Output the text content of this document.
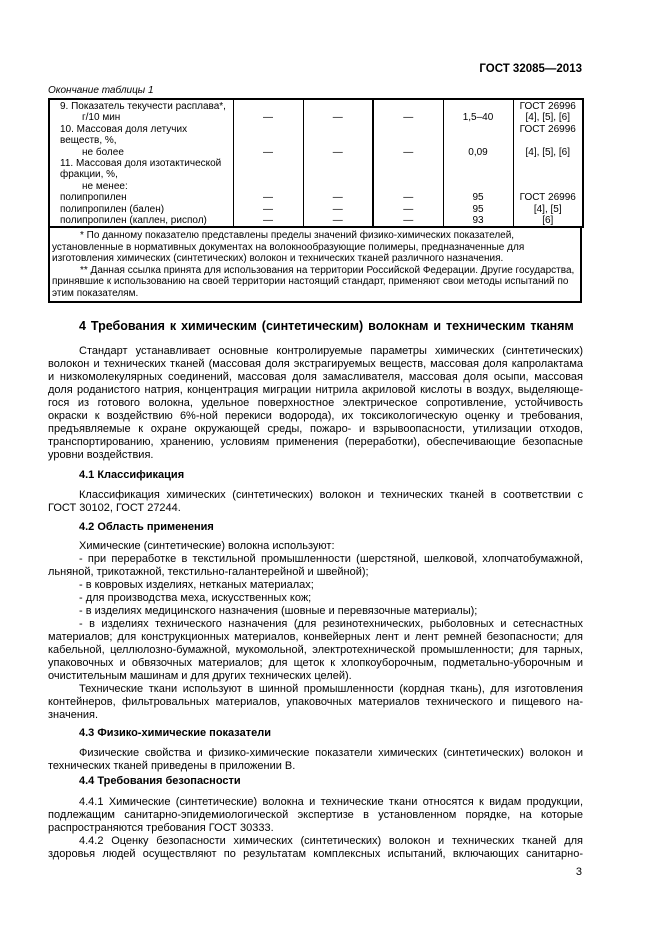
ГОСТ 32085—2013
Окончание таблицы 1
9. Показатель текучести расплава*,					ГОСТ 26996
г/10 мин	—	—	—	1,5–40	[4], [5], [6]
10. Массовая доля летучих					ГОСТ 26996
веществ, %,					
не более	—	—	—	0,09	[4], [5], [6]
11. Массовая доля изотактической					
фракции, %,					
не менее:					
полипропилен	—	—	—	95	ГОСТ 26996
полипропилен (бален)	—	—	—	95	[4], [5]
полипропилен (каплен, риспол)	—	—	—	93	[6]
* По данному показателю представлены пределы значений физико-химических показателей,
установленные в нормативных документах на волокнообразующие полимеры, предназначенные для
изготовления химических (синтетических) волокон и технических тканей различного назначения.
** Данная ссылка принята для использования на территории Российской Федерации. Другие государства,
принявшие к использованию на своей территории настоящий стандарт, применяют свои методы испытаний по
этим показателям.
4 Требования к химическим (синтетическим) волокнам и техническим тканям
Стандарт устанавливает основные контролируемые параметры химических (синтетических)
волокон и технических тканей (массовая доля экстрагируемых веществ, массовая доля капролактама
и низкомолекулярных соединений, массовая доля замасливателя, массовая доля осыпи, массовая
доля роданистого натрия, концентрация миграции нитрила акриловой кислоты в воздух, выделяюще-
гося из готового волокна, удельное поверхностное электрическое сопротивление, устойчивость
окраски к воздействию 6%-ной перекиси водорода), их токсикологическую оценку и требования,
предъявляемые к охране окружающей среды, пожаро- и взрывоопасности, утилизации отходов,
транспортированию, хранению, условиям применения (переработки), обеспечивающие безопасные
уровни воздействия.
4.1 Классификация
Классификация химических (синтетических) волокон и технических тканей в соответствии с
ГОСТ 30102, ГОСТ 27244.
4.2 Область применения
Химические (синтетические) волокна используют:
- при переработке в текстильной промышленности (шерстяной, шелковой, хлопчатобумажной,
льняной, трикотажной, текстильно-галантерейной и швейной);
- в ковровых изделиях, нетканых материалах;
- для производства меха, искусственных кож;
- в изделиях медицинского назначения (шовные и перевязочные материалы);
- в изделиях технического назначения (для резинотехнических, рыболовных и сетеснастных
материалов; для конструкционных материалов, конвейерных лент и лент ремней безопасности; для
кабельной, целлюлозно-бумажной, мукомольной, электротехнической промышленности; для тарных,
упаковочных и обвязочных материалов; для щеток к хлопкоуборочным, подметально-уборочным и
очистительным машинам и для других технических целей).
Технические ткани используют в шинной промышленности (кордная ткань), для изготовления
контейнеров, фильтровальных материалов, упаковочных материалов технического и пищевого на-
значения.
4.3 Физико-химические показатели
Физические свойства и физико-химические показатели химических (синтетических) волокон и
технических тканей приведены в приложении В.
4.4 Требования безопасности
4.4.1 Химические (синтетические) волокна и технические ткани относятся к видам продукции,
подлежащим санитарно-эпидемиологической экспертизе в установленном порядке, на которые
распространяются требования ГОСТ 30333.
4.4.2 Оценку безопасности химических (синтетических) волокон и технических тканей для
здоровья людей осуществляют по результатам комплексных испытаний, включающих санитарно-
3
